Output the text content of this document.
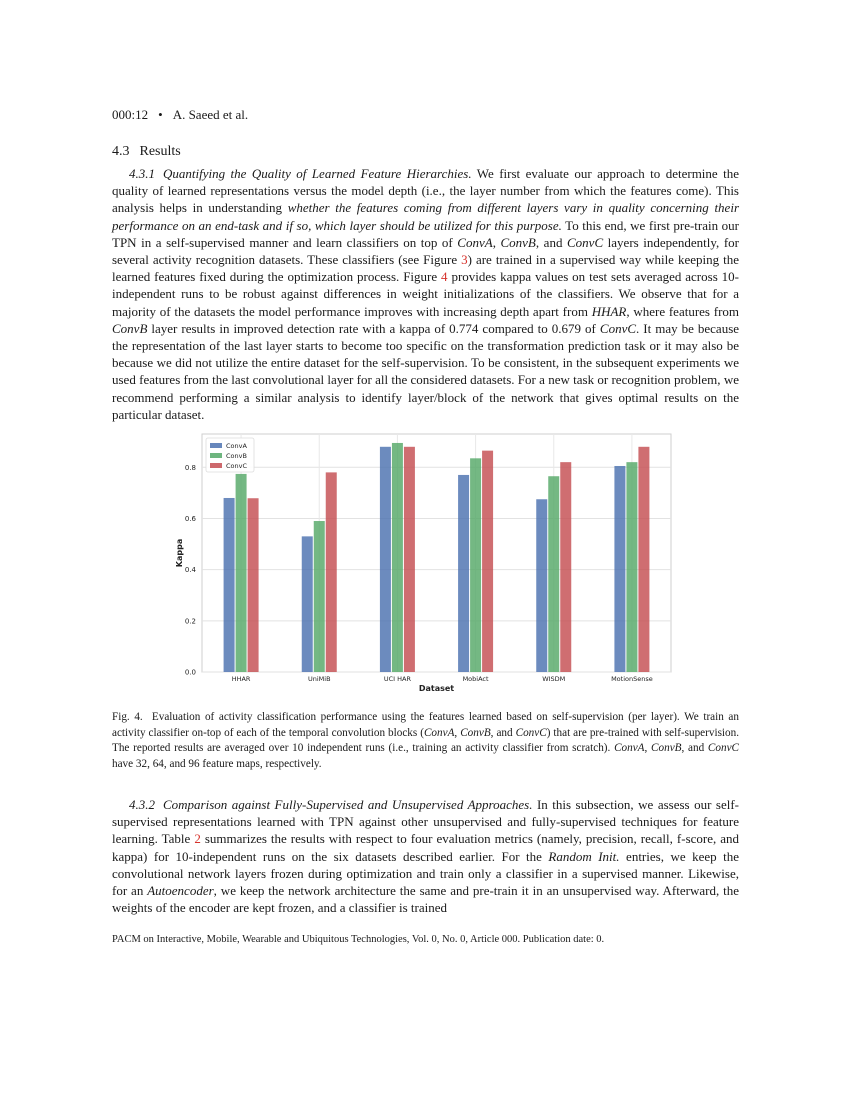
000:12 • A. Saeed et al.
4.3 Results

4.3.1 Quantifying the Quality of Learned Feature Hierarchies. We first evaluate our approach to determine the quality of learned representations versus the model depth (i.e., the layer number from which the features come). This analysis helps in understanding whether the features coming from different layers vary in quality concerning their performance on an end-task and if so, which layer should be utilized for this purpose. To this end, we first pre-train our TPN in a self-supervised manner and learn classifiers on top of ConvA, ConvB, and ConvC layers independently, for several activity recognition datasets. These classifiers (see Figure 3) are trained in a supervised way while keeping the learned features fixed during the optimization process. Figure 4 provides kappa values on test sets averaged across 10-independent runs to be robust against differences in weight initializations of the classifiers. We observe that for a majority of the datasets the model performance improves with increasing depth apart from HHAR, where features from ConvB layer results in improved detection rate with a kappa of 0.774 compared to 0.679 of ConvC. It may be because the representation of the last layer starts to become too specific on the transformation prediction task or it may also be because we did not utilize the entire dataset for the self-supervision. To be consistent, in the subsequent experiments we used features from the last convolutional layer for all the considered datasets. For a new task or recognition problem, we recommend performing a similar analysis to identify layer/block of the network that gives optimal results on the particular dataset.

0.0
0.2
0.4
0.6
0.8
HHAR	UniMiB	UCI HAR	MobiAct	WISDM	MotionSense
Dataset
Kappa
ConvA
ConvB
ConvC

Fig. 4. Evaluation of activity classification performance using the features learned based on self-supervision (per layer). We train an activity classifier on-top of each of the temporal convolution blocks (ConvA, ConvB, and ConvC) that are pre-trained with self-supervision. The reported results are averaged over 10 independent runs (i.e., training an activity classifier from scratch). ConvA, ConvB, and ConvC have 32, 64, and 96 feature maps, respectively.

4.3.2 Comparison against Fully-Supervised and Unsupervised Approaches. In this subsection, we assess our self-supervised representations learned with TPN against other unsupervised and fully-supervised techniques for feature learning. Table 2 summarizes the results with respect to four evaluation metrics (namely, precision, recall, f-score, and kappa) for 10-independent runs on the six datasets described earlier. For the Random Init. entries, we keep the convolutional network layers frozen during optimization and train only a classifier in a supervised manner. Likewise, for an Autoencoder, we keep the network architecture the same and pre-train it in an unsupervised way. Afterward, the weights of the encoder are kept frozen, and a classifier is trained

PACM on Interactive, Mobile, Wearable and Ubiquitous Technologies, Vol. 0, No. 0, Article 000. Publication date: 0.
